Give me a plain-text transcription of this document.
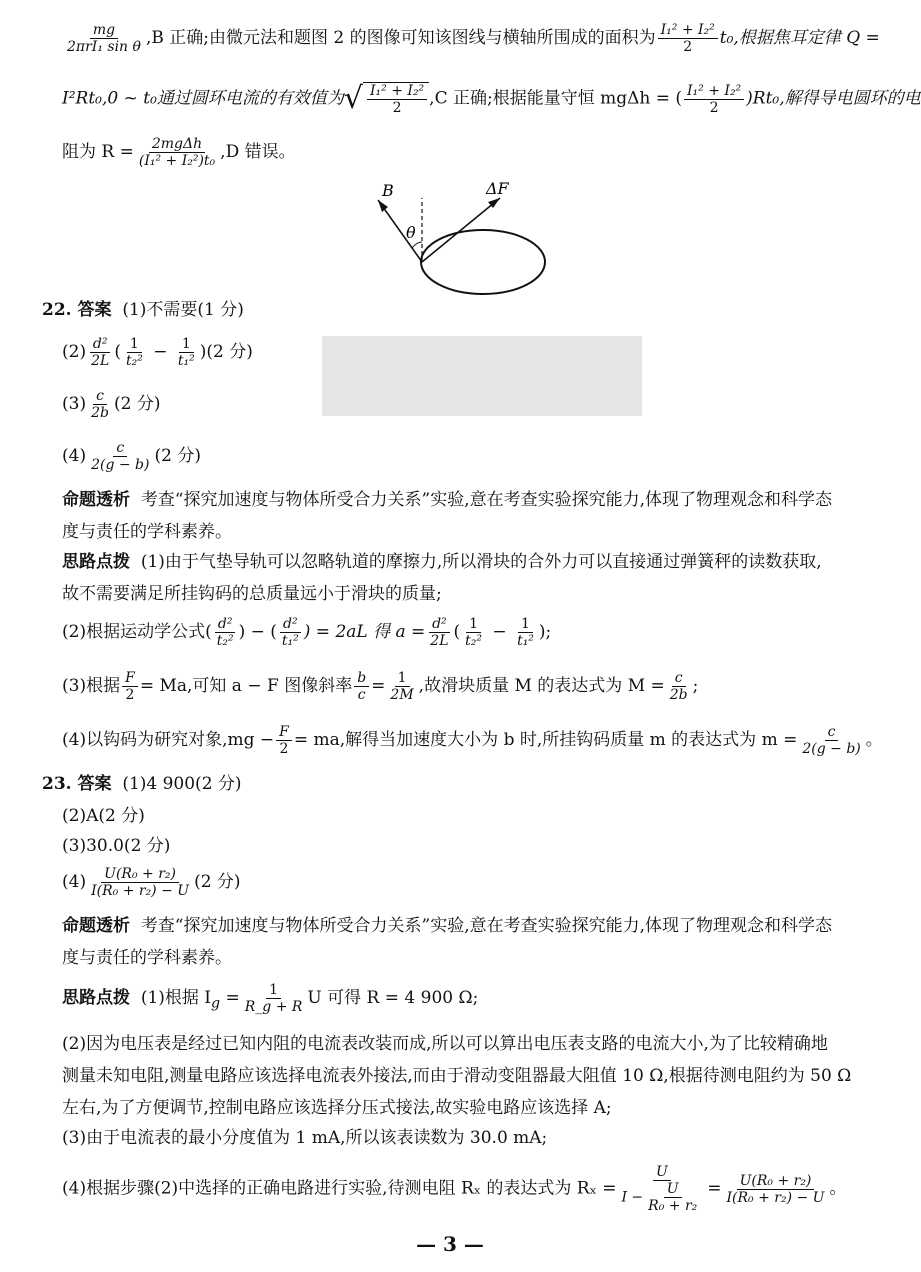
$\frac{mg}{\text{2πrI₁ sin θ}} ,B$ 正确;由微元法和题图 2 的图像可知该图线与横轴所围成的面积为 $\frac{\text{I₁² + I₂²}}{2} t_0$,根据焦耳定律 Q =
I²Rt₀,0 ~ t₀通过圆环电流的有效值为 √ $\frac{\text{I₁² + I₂²}}{2} ,C$ 正确;根据能量守恒 mgΔh = ( $\frac{\text{I₁² + I₂²}}{2} )Rt_0$,解得导电圆环的电
阻为 $R = \frac{\text{2mgΔh}}{\text{(I₁² + I₂²)t₀}} ,D$ 错误。
B	ΔF
θ
22. 答案 (1)不需要(1 分)
$(2) \frac{\text{d²}}{2L}$ ( $\frac{1}{\text{t₂²}} - \frac{1}{\text{t₁²}} )(2$ 分)
$(3) \frac{c}{2b} (2$ 分)
$(4) \frac{c}{2(g - b)} (2$ 分)
命题透析 考查“探究加速度与物体所受合力关系”实验,意在考查实验探究能力,体现了物理观念和科学态
度与责任的学科素养。
思路点拨 (1)由于气垫导轨可以忽略轨道的摩擦力,所以滑块的合外力可以直接通过弹簧秤的读数获取,
故不需要满足所挂钩码的总质量远小于滑块的质量;
(2)根据运动学公式( $\frac{\text{d²}}{\text{t₂²}}$ ) − ( $\frac{\text{d²}}{\text{t₁²}}$ ) = 2aL 得 $a = \frac{\text{d²}}{2L}$ ( $\frac{1}{\text{t₂²}} - \frac{1}{\text{t₁²}}$ );
(3)根据 $\frac{F}{2} = Ma$,可知 a − F 图像斜率 $\frac{b}{c} = \frac{1}{2M}$ ,故滑块质量 M 的表达式为 $M = \frac{c}{2b}$ ;
(4)以钩码为研究对象$,mg - \frac{F}{2}$ = ma,解得当加速度大小为 b 时,所挂钩码质量 m 的表达式为 $m = \frac{c}{2(g - b)}$ 。
23. 答案 (1)4 900(2 分)
(2)A(2 分)
(3)30.0(2 分)
$(4) \frac{\text{U(R₀ + r₂)}}{\text{I(R₀ + r₂) − U}} (2$ 分)
命题透析 考查“探究加速度与物体所受合力关系”实验,意在考查实验探究能力,体现了物理观念和科学态
度与责任的学科素养。
思路点拨 (1)根据 $I_g = \frac{1}{R\_g + R}$ U 可得 R = 4 900 Ω;
(2)因为电压表是经过已知内阻的电流表改装而成,所以可以算出电压表支路的电流大小,为了比较精确地
测量未知电阻,测量电路应该选择电流表外接法,而由于滑动变阻器最大阻值 10 Ω,根据待测电阻约为 50 Ω
左右,为了方便调节,控制电路应该选择分压式接法,故实验电路应该选择 A;
(3)由于电流表的最小分度值为 1 mA,所以该表读数为 30.0 mA;
(4)根据步骤(2)中选择的正确电路进行实验,待测电阻 Rₓ 的表达式为 $R_x = \frac{U}{I - \frac{U}{\text{R₀ + r₂}}} = \frac{\text{U(R₀ + r₂)}}{\text{I(R₀ + r₂) − U}}$ 。
— 3 —
